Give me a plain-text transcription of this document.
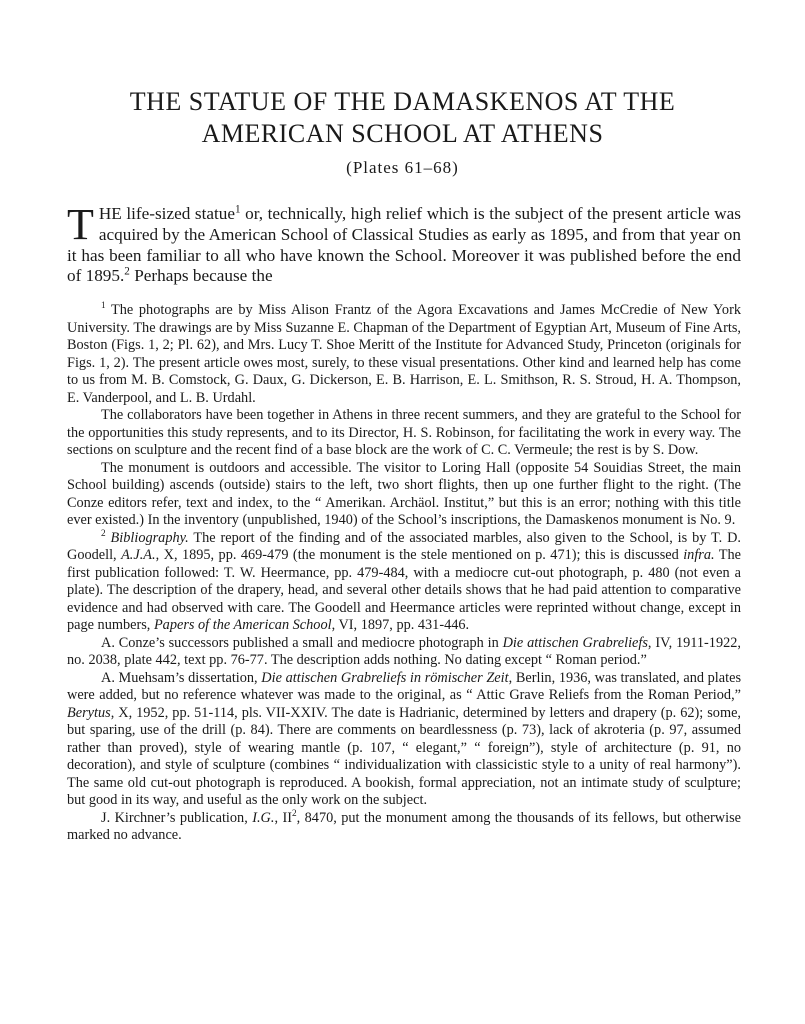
THE STATUE OF THE DAMASKENOS AT THE AMERICAN SCHOOL AT ATHENS
(Plates 61–68)

THE life-sized statue$^1$ or, technically, high relief which is the subject of the present article was acquired by the American School of Classical Studies as early as 1895, and from that year on it has been familiar to all who have known the School. Moreover it was published before the end of 1895.$^2$ Perhaps because the

$^1$ The photographs are by Miss Alison Frantz of the Agora Excavations and James McCredie of New York University. The drawings are by Miss Suzanne E. Chapman of the Department of Egyptian Art, Museum of Fine Arts, Boston (Figs. 1, 2; Pl. 62), and Mrs. Lucy T. Shoe Meritt of the Institute for Advanced Study, Princeton (originals for Figs. 1, 2). The present article owes most, surely, to these visual presentations. Other kind and learned help has come to us from M. B. Comstock, G. Daux, G. Dickerson, E. B. Harrison, E. L. Smithson, R. S. Stroud, H. A. Thompson, E. Vanderpool, and L. B. Urdahl.

The collaborators have been together in Athens in three recent summers, and they are grateful to the School for the opportunities this study represents, and to its Director, H. S. Robinson, for facilitating the work in every way. The sections on sculpture and the recent find of a base block are the work of C. C. Vermeule; the rest is by S. Dow.

The monument is outdoors and accessible. The visitor to Loring Hall (opposite 54 Souidias Street, the main School building) ascends (outside) stairs to the left, two short flights, then up one further flight to the right. (The Conze editors refer, text and index, to the “ Amerikan. Archäol. Institut,” but this is an error; nothing with this title ever existed.) In the inventory (unpublished, 1940) of the School’s inscriptions, the Damaskenos monument is No. 9.

$^2$ Bibliography. The report of the finding and of the associated marbles, also given to the School, is by T. D. Goodell, A.J.A., X, 1895, pp. 469-479 (the monument is the stele mentioned on p. 471); this is discussed infra. The first publication followed: T. W. Heermance, pp. 479-484, with a mediocre cut-out photograph, p. 480 (not even a plate). The description of the drapery, head, and several other details shows that he had paid attention to comparative evidence and had observed with care. The Goodell and Heermance articles were reprinted without change, except in page numbers, Papers of the American School, VI, 1897, pp. 431-446.

A. Conze’s successors published a small and mediocre photograph in Die attischen Grabreliefs, IV, 1911-1922, no. 2038, plate 442, text pp. 76-77. The description adds nothing. No dating except “ Roman period.”

A. Muehsam’s dissertation, Die attischen Grabreliefs in römischer Zeit, Berlin, 1936, was translated, and plates were added, but no reference whatever was made to the original, as “ Attic Grave Reliefs from the Roman Period,” Berytus, X, 1952, pp. 51-114, pls. VII-XXIV. The date is Hadrianic, determined by letters and drapery (p. 62); some, but sparing, use of the drill (p. 84). There are comments on beardlessness (p. 73), lack of akroteria (p. 97, assumed rather than proved), style of wearing mantle (p. 107, “ elegant,” “ foreign”), style of architecture (p. 91, no decoration), and style of sculpture (combines “ individualization with classicistic style to a unity of real harmony”). The same old cut-out photograph is reproduced. A bookish, formal appreciation, not an intimate study of sculpture; but good in its way, and useful as the only work on the subject.

J. Kirchner’s publication, I.G., $II^2$, 8470, put the monument among the thousands of its fellows, but otherwise marked no advance.
